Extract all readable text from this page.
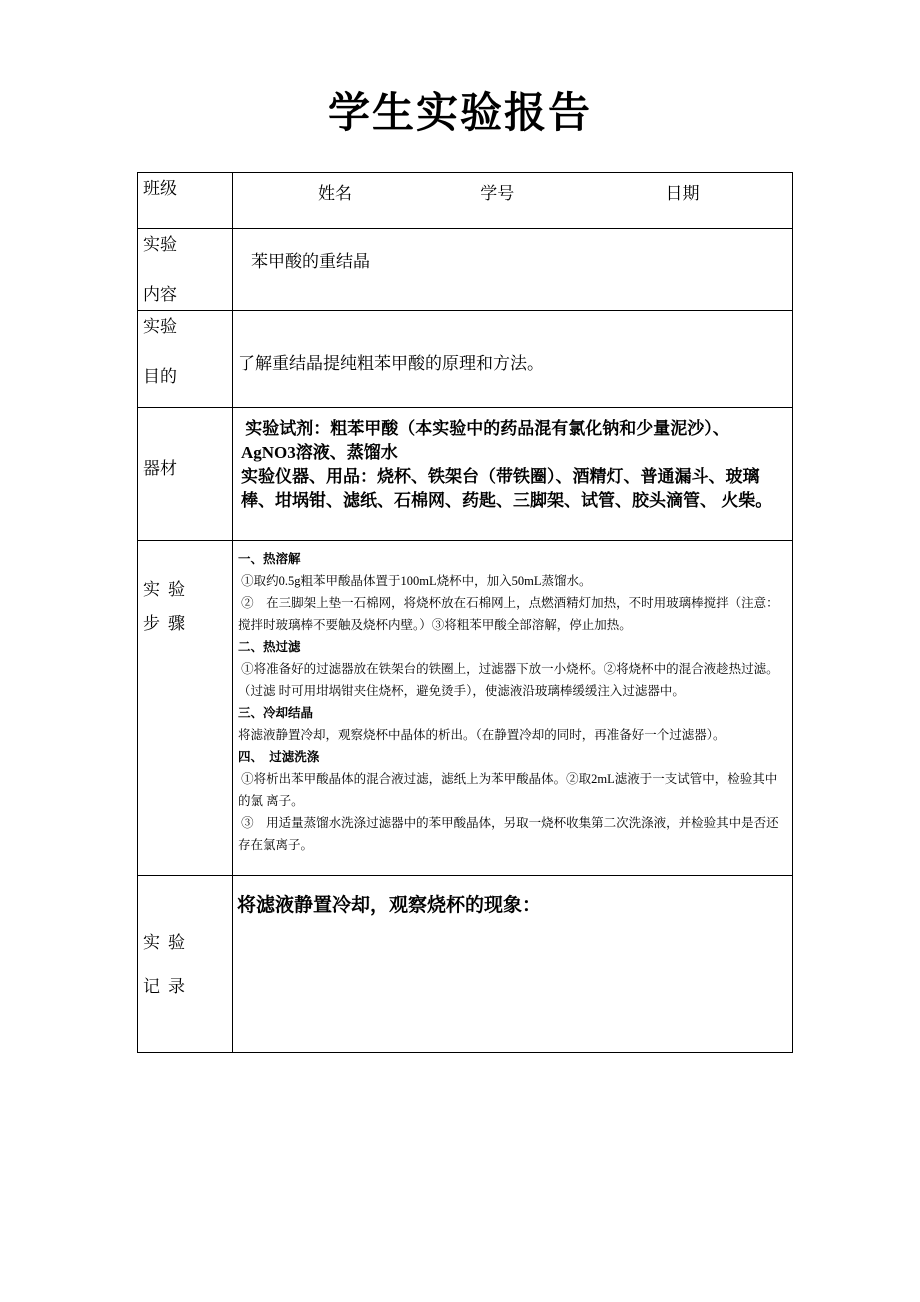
学生实验报告
班级	姓名 学号 日期

实验
内容	苯甲酸的重结晶

实验
目的	了解重结晶提纯粗苯甲酸的原理和方法。

器材	实验试剂：粗苯甲酸（本实验中的药品混有氯化钠和少量泥沙）、

AgNO3溶液、蒸馏水

实验仪器、用品：烧杯、铁架台（带铁圈）、酒精灯、普通漏斗、玻璃棒、坩埚钳、滤纸、石棉网、药匙、三脚架、试管、胶头滴管、 火柴。

实验
步骤

一、热溶解

①取约0.5g粗苯甲酸晶体置于100mL烧杯中，加入50mL蒸馏水。

②　在三脚架上垫一石棉网，将烧杯放在石棉网上，点燃酒精灯加热，不时用玻璃棒搅拌（注意：搅拌时玻璃棒不要触及烧杯内壁。）③将粗苯甲酸全部溶解，停止加热。

二、热过滤

①将准备好的过滤器放在铁架台的铁圈上，过滤器下放一小烧杯。②将烧杯中的混合液趁热过滤。（过滤 时可用坩埚钳夹住烧杯，避免烫手），使滤液沿玻璃棒缓缓注入过滤器中。

三、冷却结晶

将滤液静置冷却，观察烧杯中晶体的析出。（在静置冷却的同时，再准备好一个过滤器）。

四、　过滤洗涤

①将析出苯甲酸晶体的混合液过滤，滤纸上为苯甲酸晶体。②取2mL滤液于一支试管中，检验其中的氯 离子。

③　用适量蒸馏水洗涤过滤器中的苯甲酸晶体，另取一烧杯收集第二次洗涤液，并检验其中是否还存在氯离子。

实验
记录	将滤液静置冷却，观察烧杯的现象：
